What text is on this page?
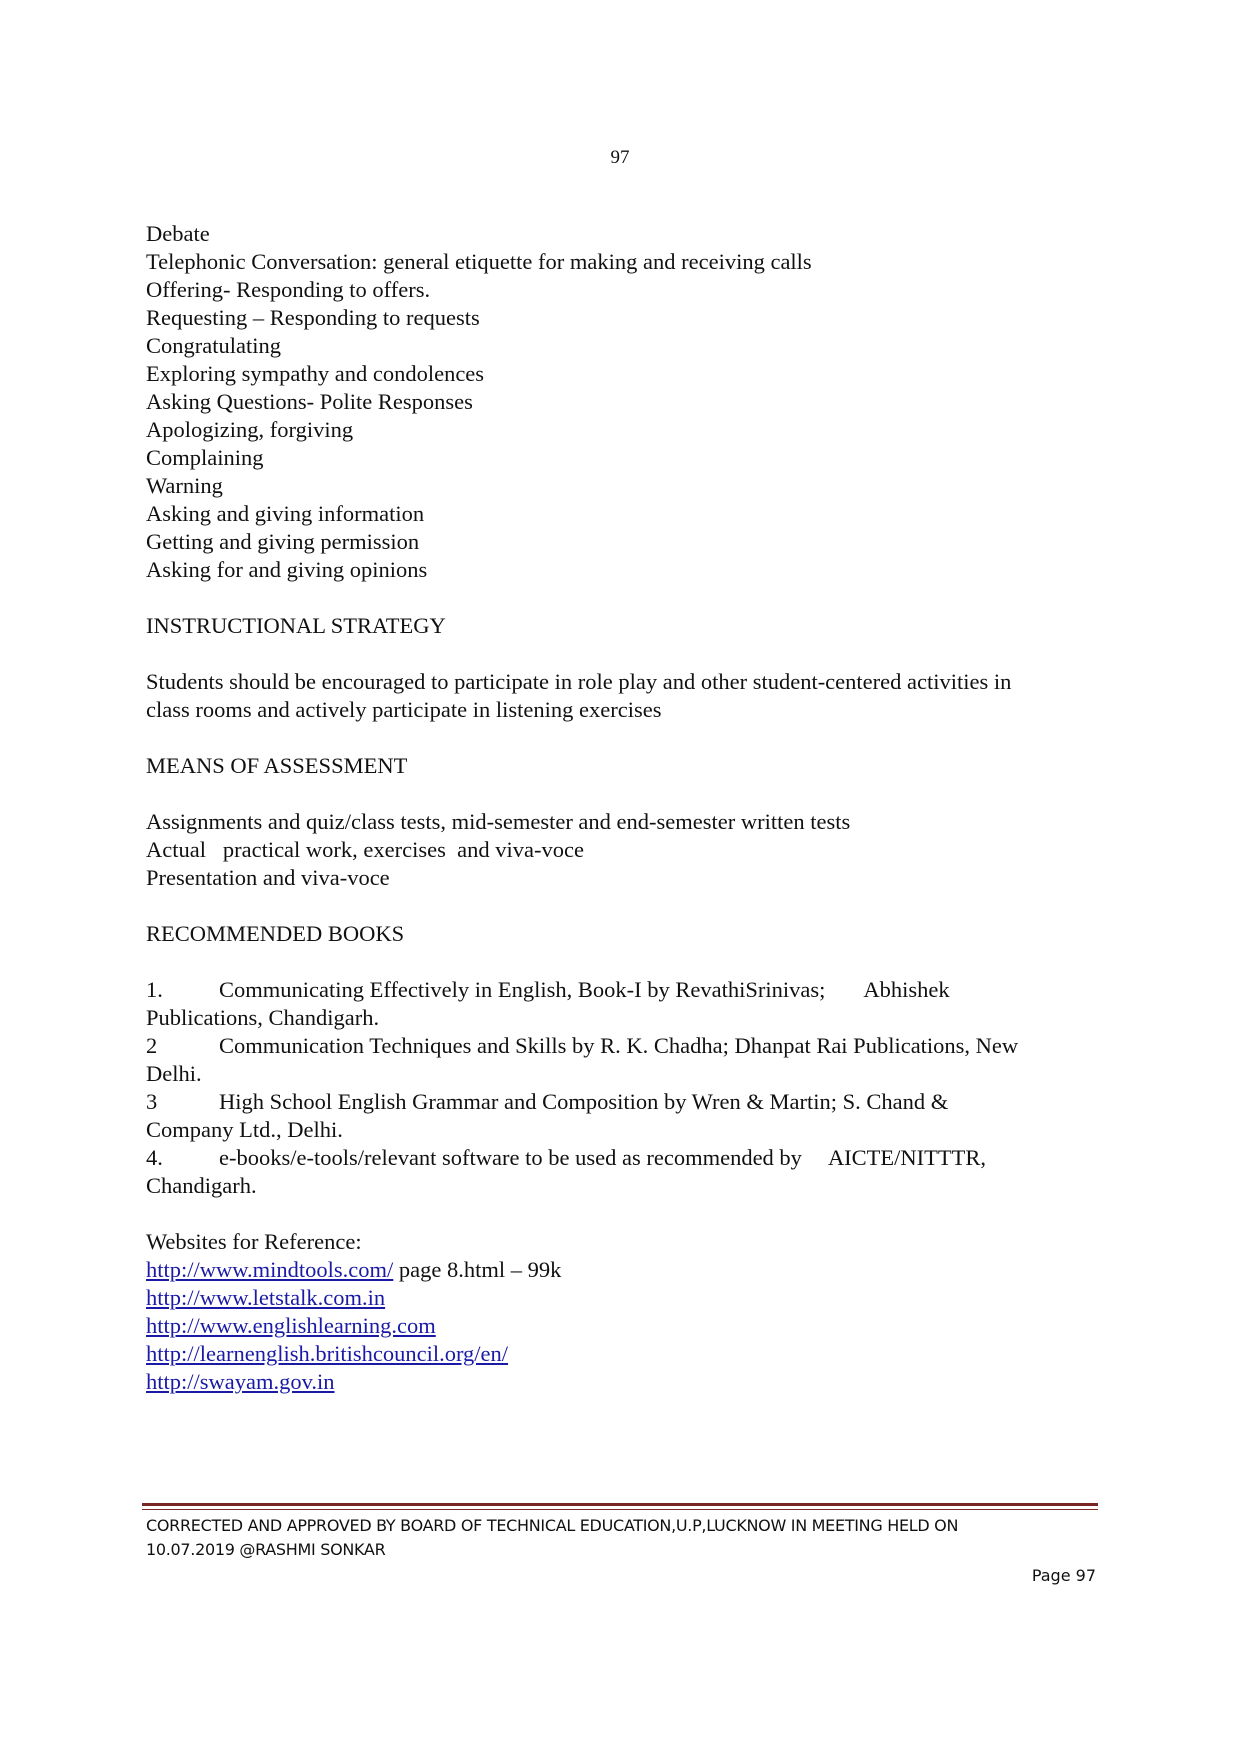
97
Debate
Telephonic Conversation: general etiquette for making and receiving calls
Offering- Responding to offers.
Requesting – Responding to requests
Congratulating
Exploring sympathy and condolences
Asking Questions- Polite Responses
Apologizing, forgiving
Complaining
Warning
Asking and giving information
Getting and giving permission
Asking for and giving opinions
INSTRUCTIONAL STRATEGY
Students should be encouraged to participate in role play and other student-centered activities in
class rooms and actively participate in listening exercises
MEANS OF ASSESSMENT
Assignments and quiz/class tests, mid-semester and end-semester written tests
Actual   practical work, exercises  and viva-voce
Presentation and viva-voce
RECOMMENDED BOOKS
1. Communicating Effectively in English, Book-I by RevathiSrinivas; Abhishek
Publications, Chandigarh.
2	Communication Techniques and Skills by R. K. Chadha; Dhanpat Rai Publications, New
Delhi.
3	High School English Grammar and Composition by Wren & Martin; S. Chand &
Company Ltd., Delhi.
4. e-books/e-tools/relevant software to be used as recommended by AICTE/NITTTR,
Chandigarh.
Websites for Reference:
http://www.mindtools.com/ page 8.html – 99k
http://www.letstalk.com.in
http://www.englishlearning.com
http://learnenglish.britishcouncil.org/en/
http://swayam.gov.in
CORRECTED AND APPROVED BY BOARD OF TECHNICAL EDUCATION,U.P,LUCKNOW IN MEETING HELD ON
10.07.2019 @RASHMI SONKAR
Page 97
